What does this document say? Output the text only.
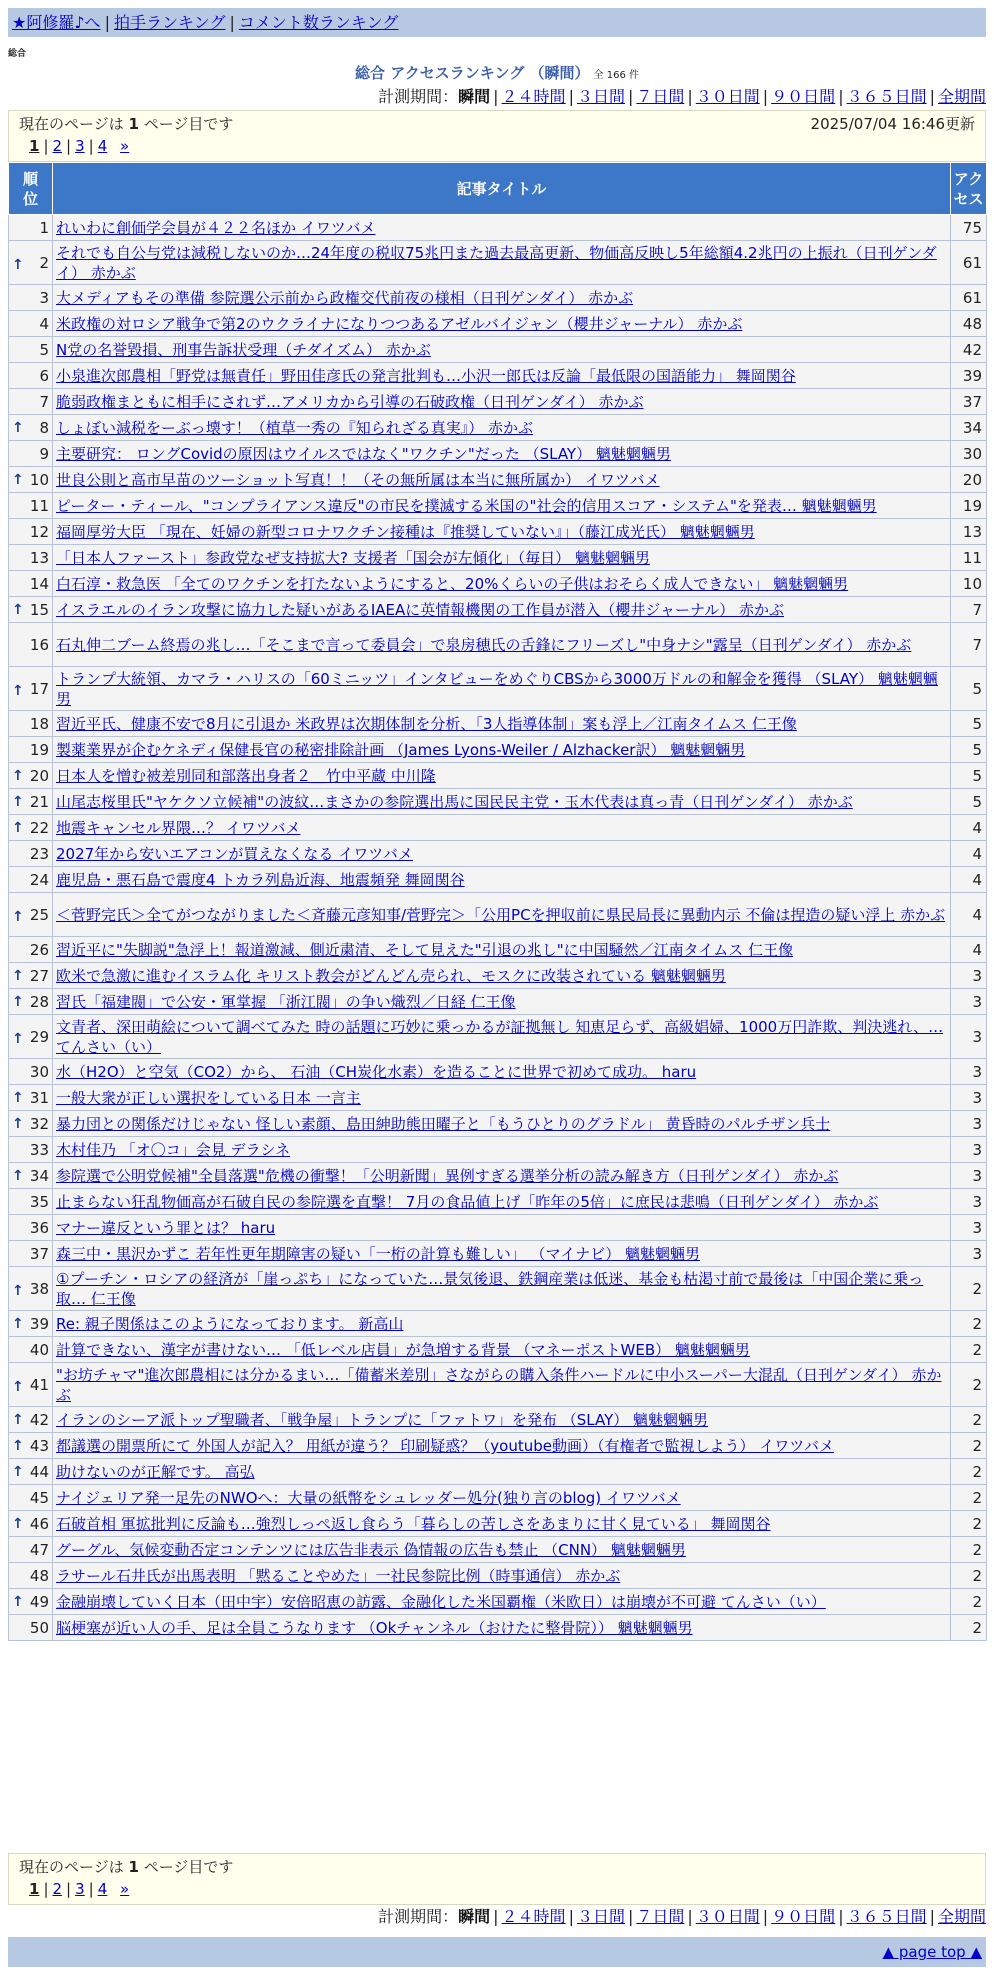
★阿修羅♪へ | 拍手ランキング | コメント数ランキング
総合
総合 アクセスランキング （瞬間） 全 166 件
計測期間：瞬間 | ２４時間 | ３日間 | ７日間 | ３０日間 | ９０日間 | ３６５日間 | 全期間
現在のページは 1 ページ目です	2025/07/04 16:46更新
1 | 2 | 3 | 4 »
順位	記事タイトル	アクセス
1	れいわに創価学会員が４２２名ほか イワツバメ	75

↑ 2	それでも自公与党は減税しないのか…24年度の税収75兆円また過去最高更新、物価高反映し5年総額4.2兆円の上振れ（日刊ゲンダイ） 赤かぶ	61
3	大メディアもその準備 参院選公示前から政権交代前夜の様相（日刊ゲンダイ） 赤かぶ	61
4	米政権の対ロシア戦争で第2のウクライナになりつつあるアゼルバイジャン（櫻井ジャーナル） 赤かぶ	48
5	N党の名誉毀損、刑事告訴状受理（チダイズム） 赤かぶ	42
6	小泉進次郎農相「野党は無責任」野田佳彦氏の発言批判も…小沢一郎氏は反論「最低限の国語能力」 舞岡関谷	39
7	脆弱政権まともに相手にされず…アメリカから引導の石破政権（日刊ゲンダイ） 赤かぶ	37

↑ 8	しょぼい減税をーぶっ壊す！（植草一秀の『知られざる真実』） 赤かぶ	34
9	主要研究： ロングCovidの原因はウイルスではなく"ワクチン"だった （SLAY） 魑魅魍魎男	30

↑ 10	世良公則と高市早苗のツーショット写真！！（その無所属は本当に無所属か） イワツバメ	20
11	ピーター・ティール、"コンプライアンス違反"の市民を撲滅する米国の"社会的信用スコア・システム"を発表… 魑魅魍魎男	19
12	福岡厚労大臣 「現在、妊婦の新型コロナワクチン接種は『推奨していない』」（藤江成光氏） 魑魅魍魎男	13
13	「日本人ファースト」参政党なぜ支持拡大? 支援者「国会が左傾化」（毎日） 魑魅魍魎男	11
14	白石淳・救急医 「全てのワクチンを打たないようにすると、20%くらいの子供はおそらく成人できない」 魑魅魍魎男	10

↑ 15	イスラエルのイラン攻撃に協力した疑いがあるIAEAに英情報機関の工作員が潜入（櫻井ジャーナル） 赤かぶ	7
16	石丸伸二ブーム終焉の兆し…「そこまで言って委員会」で泉房穂氏の舌鋒にフリーズし"中身ナシ"露呈（日刊ゲンダイ） 赤かぶ	7

↑ 17	トランプ大統領、カマラ・ハリスの「60ミニッツ」インタビューをめぐりCBSから3000万ドルの和解金を獲得 （SLAY） 魑魅魍魎男	5
18	習近平氏、健康不安で8月に引退か 米政界は次期体制を分析、「3人指導体制」案も浮上／江南タイムス 仁王像	5
19	製薬業界が企むケネディ保健長官の秘密排除計画 （James Lyons-Weiler / Alzhacker訳） 魑魅魍魎男	5

↑ 20	日本人を憎む被差別同和部落出身者２＿竹中平蔵 中川隆	5

↑ 21	山尾志桜里氏"ヤケクソ立候補"の波紋…まさかの参院選出馬に国民民主党・玉木代表は真っ青（日刊ゲンダイ） 赤かぶ	5

↑ 22	地震キャンセル界隈…？ イワツバメ	4
23	2027年から安いエアコンが買えなくなる イワツバメ	4
24	鹿児島・悪石島で震度4 トカラ列島近海、地震頻発 舞岡関谷	4

↑ 25	＜菅野完氏＞全てがつながりました＜斉藤元彦知事/菅野完＞「公用PCを押収前に県民局長に異動内示 不倫は捏造の疑い浮上 赤かぶ	4
26	習近平に"失脚説"急浮上！報道激減、側近粛清、そして見えた"引退の兆し"に中国騒然／江南タイムス 仁王像	4

↑ 27	欧米で急激に進むイスラム化 キリスト教会がどんどん売られ、モスクに改装されている 魑魅魍魎男	3

↑ 28	習氏「福建閥」で公安・軍掌握 「浙江閥」の争い熾烈／日経 仁王像	3

↑ 29	文青者、深田萌絵について調べてみた 時の話題に巧妙に乗っかるが証拠無し 知恵足らず、高級娼婦、1000万円詐欺、判決逃れ、… てんさい（い）	3
30	水（H2O）と空気（CO2）から、 石油（CH炭化水素）を造ることに世界で初めて成功。 haru	3

↑ 31	一般大衆が正しい選択をしている日本 一言主	3

↑ 32	暴力団との関係だけじゃない 怪しい素顔、島田紳助熊田曜子と「もうひとりのグラドル」 黄昏時のパルチザン兵士	3
33	木村佳乃 「オ〇コ」会見 デラシネ	3

↑ 34	参院選で公明党候補"全員落選"危機の衝撃！「公明新聞」異例すぎる選挙分析の読み解き方（日刊ゲンダイ） 赤かぶ	3
35	止まらない狂乱物価高が石破自民の参院選を直撃！ 7月の食品値上げ「昨年の5倍」に庶民は悲鳴（日刊ゲンダイ） 赤かぶ	3
36	マナー違反という罪とは？ haru	3
37	森三中・黒沢かずこ 若年性更年期障害の疑い「一桁の計算も難しい」 （マイナビ） 魑魅魍魎男	3

↑ 38	①プーチン・ロシアの経済が「崖っぷち」になっていた…景気後退、鉄鋼産業は低迷、基金も枯渇寸前で最後は「中国企業に乗っ取… 仁王像	2

↑ 39	Re: 親子関係はこのようになっております。 新高山	2
40	計算できない、漢字が書けない… 「低レベル店員」が急増する背景 （マネーポストWEB） 魑魅魍魎男	2

↑ 41	"お坊チャマ"進次郎農相には分かるまい…「備蓄米差別」さながらの購入条件ハードルに中小スーパー大混乱（日刊ゲンダイ） 赤かぶ	2

↑ 42	イランのシーア派トップ聖職者、「戦争屋」トランプに「ファトワ」を発布 （SLAY） 魑魅魍魎男	2

↑ 43	都議選の開票所にて 外国人が記入？ 用紙が違う？ 印刷疑惑？（youtube動画）（有権者で監視しよう） イワツバメ	2

↑ 44	助けないのが正解です。 高弘	2
45	ナイジェリア発一足先のNWOへ：大量の紙幣をシュレッダー処分(独り言のblog) イワツバメ	2

↑ 46	石破首相 軍拡批判に反論も…強烈しっぺ返し食らう「暮らしの苦しさをあまりに甘く見ている」 舞岡関谷	2
47	グーグル、気候変動否定コンテンツには広告非表示 偽情報の広告も禁止 （CNN） 魑魅魍魎男	2
48	ラサール石井氏が出馬表明 「黙ることやめた」一社民参院比例（時事通信） 赤かぶ	2

↑ 49	金融崩壊していく日本（田中宇）安倍昭恵の訪露、金融化した米国覇権（米欧日）は崩壊が不可避 てんさい（い）	2
50	脳梗塞が近い人の手、足は全員こうなります （Okチャンネル（おけたに整骨院）） 魑魅魍魎男	2
現在のページは 1 ページ目です
1 | 2 | 3 | 4 »
計測期間：瞬間 | ２４時間 | ３日間 | ７日間 | ３０日間 | ９０日間 | ３６５日間 | 全期間
▲ page top ▲
